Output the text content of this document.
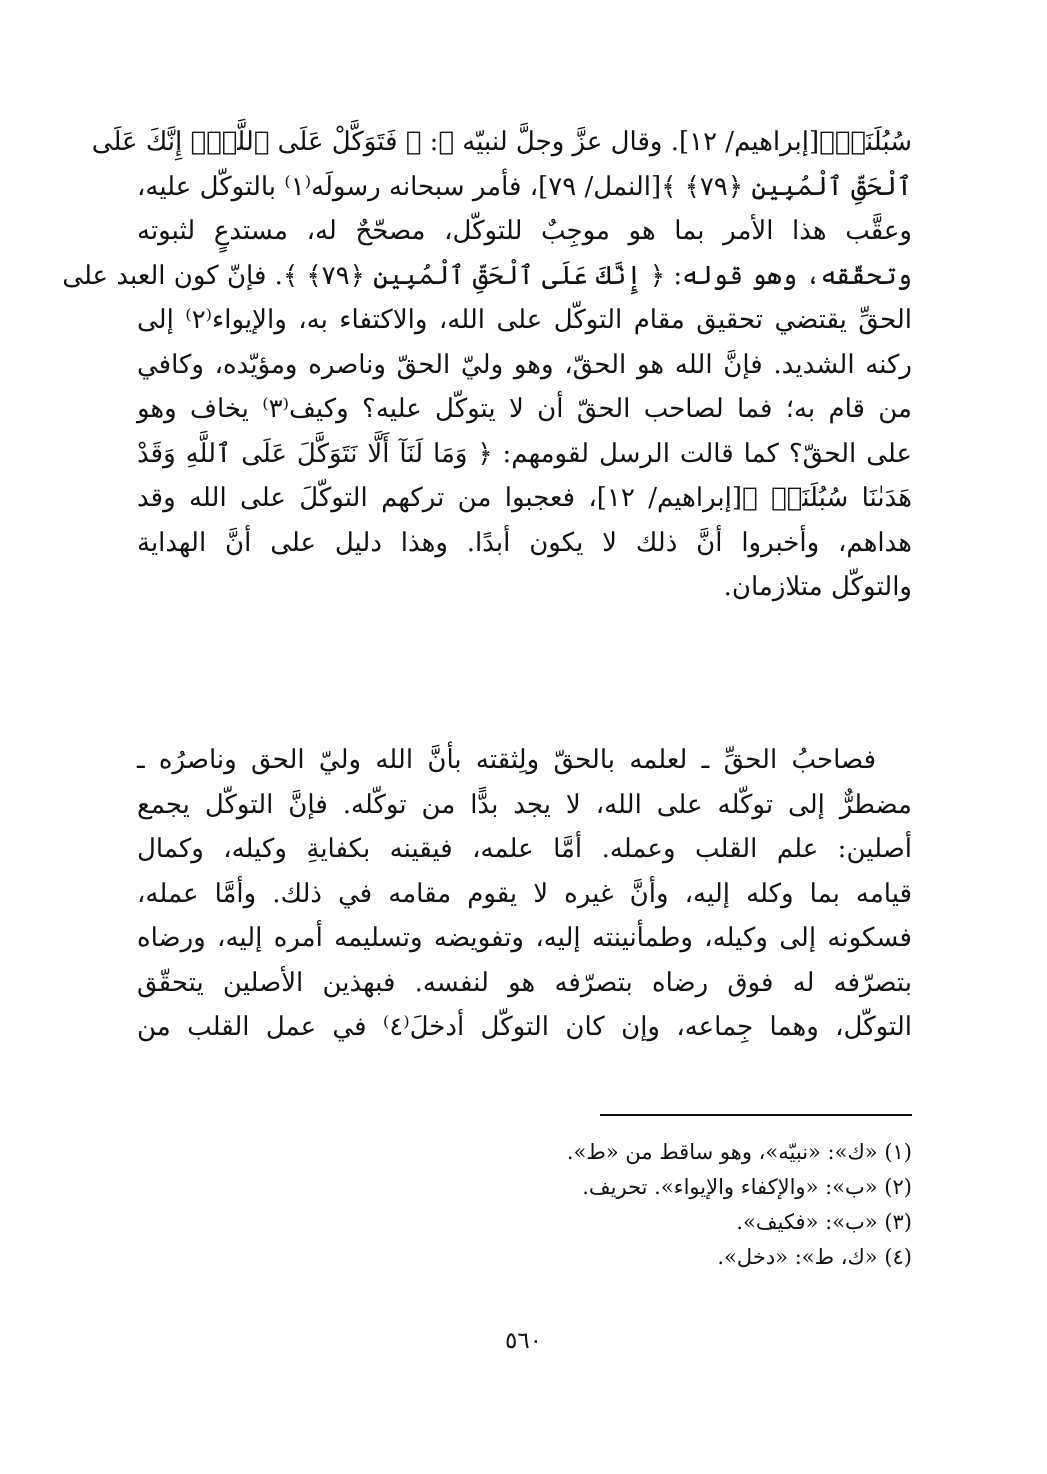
سُبُلَنَاۚ﴾[إبراهيم/ ١٢]. وقال عزَّ وجلَّ لنبيّه ﷺ: ﴿ فَتَوَكَّلْ عَلَى ٱللَّهِۖ إِنَّكَ عَلَى
ٱلْحَقِّ ٱلْمُبِينِ ﴿٧٩﴾ ﴾[النمل/ ٧٩]، فأمر سبحانه رسولَه⁽١⁾ بالتوكّل عليه،
وعقَّب هذا الأمر بما هو موجِبٌ للتوكّل، مصحّحٌ له، مستدعٍ لثبوته
وتحقّقه، وهو قوله: ﴿ إِنَّكَ عَلَى ٱلْحَقِّ ٱلْمُبِينِ ﴿٧٩﴾ ﴾. فإنّ كون العبد على
الحقِّ يقتضي تحقيق مقام التوكّل على الله، والاكتفاء به، والإيواء⁽٢⁾ إلى
ركنه الشديد. فإنَّ الله هو الحقّ، وهو وليّ الحقّ وناصره ومؤيّده، وكافي
من قام به؛ فما لصاحب الحقّ أن لا يتوكّل عليه؟ وكيف⁽٣⁾ يخاف وهو
على الحقّ؟ كما قالت الرسل لقومهم: ﴿ وَمَا لَنَآ أَلَّا نَتَوَكَّلَ عَلَى ٱللَّهِ وَقَدْ
هَدَىٰنَا سُبُلَنَاۚ ﴾[إبراهيم/ ١٢]، فعجبوا من تركهم التوكّلَ على الله وقد
هداهم، وأخبروا أنَّ ذلك لا يكون أبدًا. وهذا دليل على أنَّ الهداية
والتوكّل متلازمان.
فصاحبُ الحقِّ ـ لعلمه بالحقّ ولِثقته بأنَّ الله وليّ الحق وناصرُه ـ
مضطرٌّ إلى توكّله على الله، لا يجد بدًّا من توكّله. فإنَّ التوكّل يجمع
أصلين: علم القلب وعمله. أمَّا علمه، فيقينه بكفايةِ وكيله، وكمال
قيامه بما وكله إليه، وأنَّ غيره لا يقوم مقامه في ذلك. وأمَّا عمله،
فسكونه إلى وكيله، وطمأنينته إليه، وتفويضه وتسليمه أمره إليه، ورضاه
بتصرّفه له فوق رضاه بتصرّفه هو لنفسه. فبهذين الأصلين يتحقّق
التوكّل، وهما جِماعه، وإن كان التوكّل أدخلَ⁽٤⁾ في عمل القلب من
(١) «ك»: «نبيّه»، وهو ساقط من «ط».
(٢) «ب»: «والإكفاء والإيواء». تحريف.
(٣) «ب»: «فكيف».
(٤) «ك، ط»: «دخل».
٥٦٠
